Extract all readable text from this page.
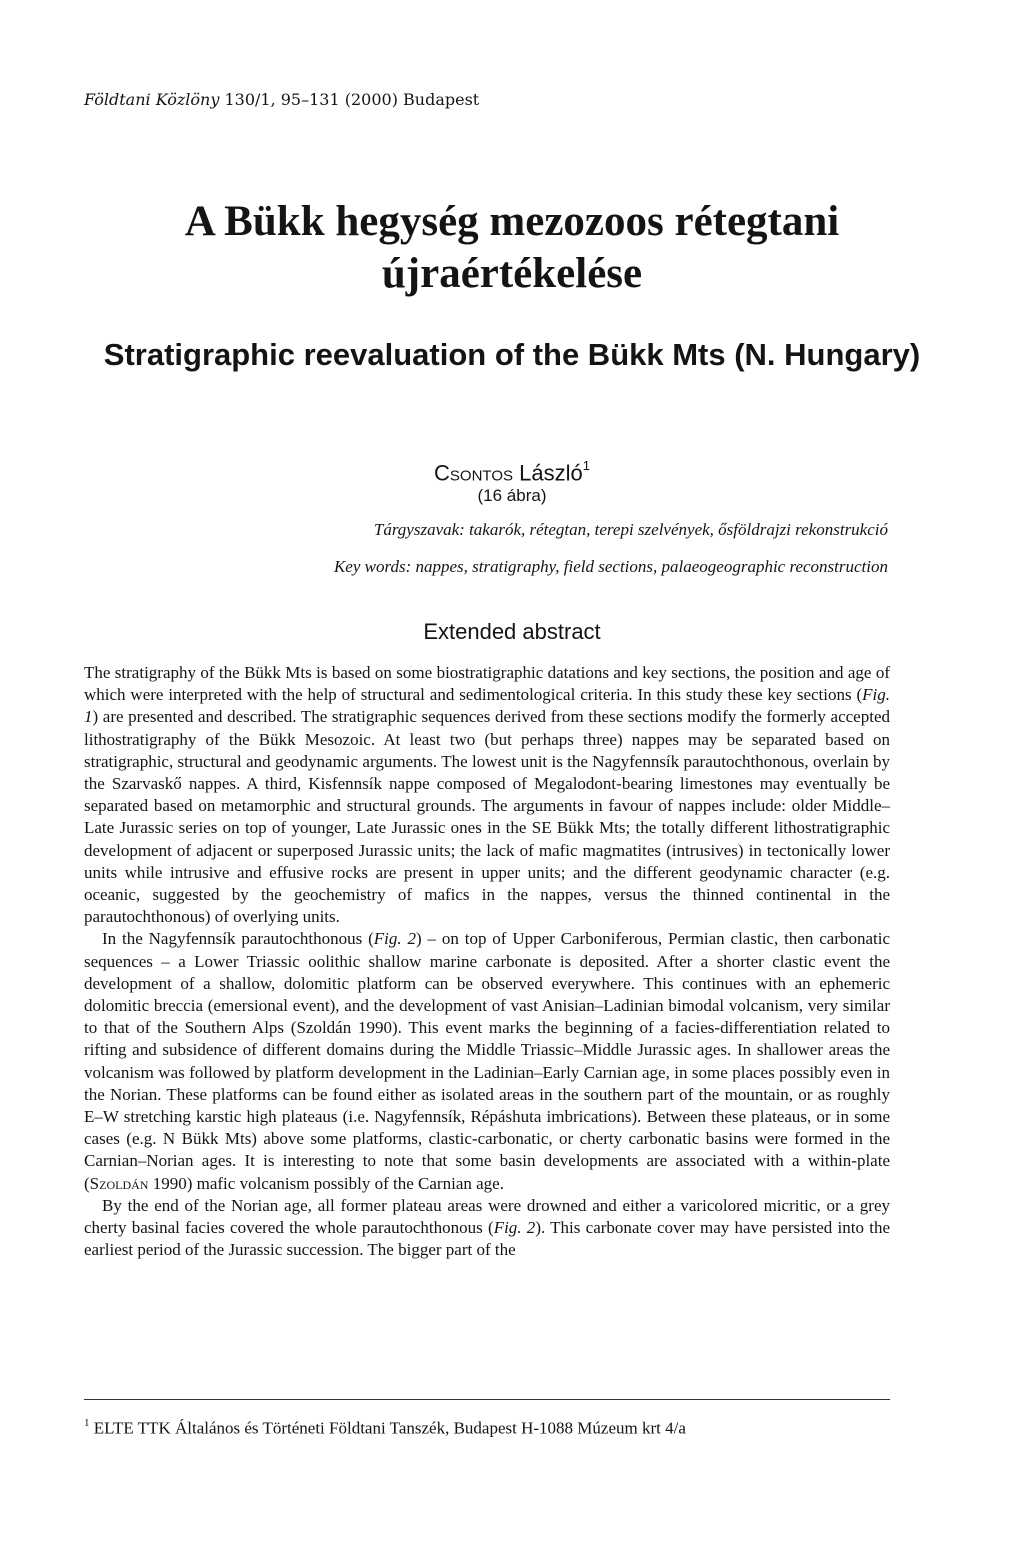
Földtani Közlöny 130/1, 95–131 (2000) Budapest
A Bükk hegység mezozoos rétegtani
újraértékelése
Stratigraphic reevaluation of the Bükk Mts (N. Hungary)
Csontos László$^1$
(16 ábra)
Tárgyszavak: takarók, rétegtan, terepi szelvények, ősföldrajzi rekonstrukció
Key words: nappes, stratigraphy, field sections, palaeogeographic reconstruction
Extended abstract

The stratigraphy of the Bükk Mts is based on some biostratigraphic datations and key sections, the position and age of which were interpreted with the help of structural and sedimentological criteria. In this study these key sections (Fig. 1) are presented and described. The stratigraphic sequences derived from these sections modify the formerly accepted lithostratigraphy of the Bükk Mesozoic. At least two (but perhaps three) nappes may be separated based on stratigraphic, structural and geodynamic arguments. The lowest unit is the Nagyfennsík parautochthonous, overlain by the Szarvaskő nappes. A third, Kisfennsík nappe composed of Megalodont-bearing limestones may eventually be separated based on metamorphic and structural grounds. The arguments in favour of nappes include: older Middle–Late Jurassic series on top of younger, Late Jurassic ones in the SE Bükk Mts; the totally different lithostratigraphic development of adjacent or superposed Jurassic units; the lack of mafic magmatites (intrusives) in tectonically lower units while intrusive and effusive rocks are present in upper units; and the different geodynamic character (e.g. oceanic, suggested by the geochemistry of mafics in the nappes, versus the thinned continental in the parautochthonous) of overlying units.

In the Nagyfennsík parautochthonous (Fig. 2) – on top of Upper Carboniferous, Permian clastic, then carbonatic sequences – a Lower Triassic oolithic shallow marine carbonate is deposited. After a shorter clastic event the development of a shallow, dolomitic platform can be observed everywhere. This continues with an ephemeric dolomitic breccia (emersional event), and the development of vast Anisian–Ladinian bimodal volcanism, very similar to that of the Southern Alps (Szoldán 1990). This event marks the beginning of a facies-differentiation related to rifting and subsidence of different domains during the Middle Triassic–Middle Jurassic ages. In shallower areas the volcanism was followed by platform development in the Ladinian–Early Carnian age, in some places possibly even in the Norian. These platforms can be found either as isolated areas in the southern part of the mountain, or as roughly E–W stretching karstic high plateaus (i.e. Nagyfennsík, Répáshuta imbrications). Between these plateaus, or in some cases (e.g. N Bükk Mts) above some platforms, clastic-carbonatic, or cherty carbonatic basins were formed in the Carnian–Norian ages. It is interesting to note that some basin developments are associated with a within-plate (Szoldán 1990) mafic volcanism possibly of the Carnian age.

By the end of the Norian age, all former plateau areas were drowned and either a varicolored micritic, or a grey cherty basinal facies covered the whole parautochthonous (Fig. 2). This carbonate cover may have persisted into the earliest period of the Jurassic succession. The bigger part of the

$^1$ ELTE TTK Általános és Történeti Földtani Tanszék, Budapest H-1088 Múzeum krt 4/a
